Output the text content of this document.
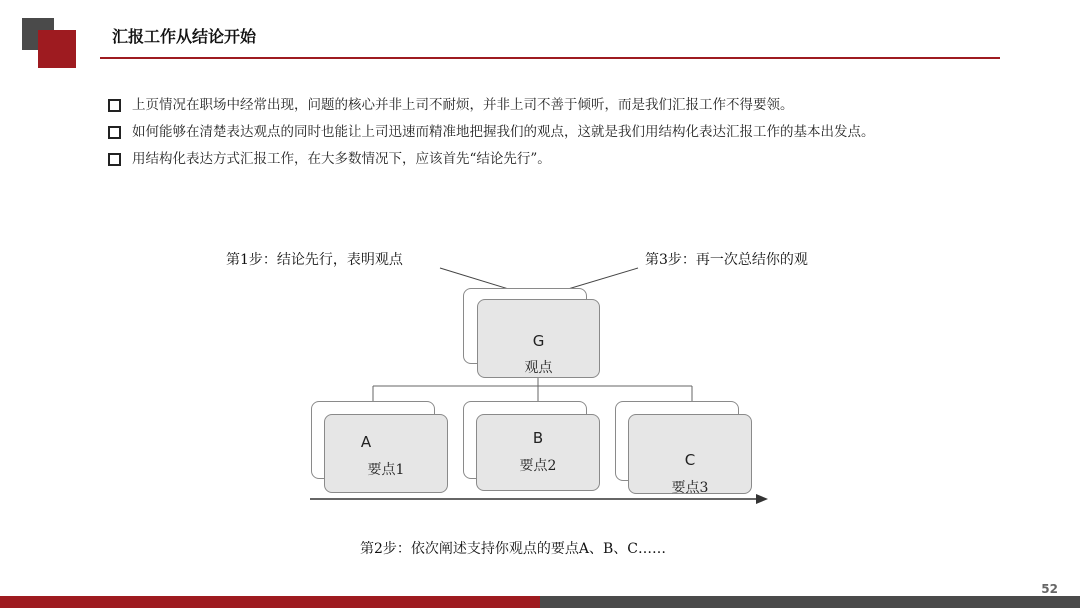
汇报工作从结论开始
上页情况在职场中经常出现，问题的核心并非上司不耐烦，并非上司不善于倾听，而是我们汇报工作不得要领。
如何能够在清楚表达观点的同时也能让上司迅速而精准地把握我们的观点，这就是我们用结构化表达汇报工作的基本出发点。
用结构化表达方式汇报工作，在大多数情况下，应该首先“结论先行”。
第1步：结论先行，表明观点	第3步：再一次总结你的观
第2步：依次阐述支持你观点的要点A、B、C……
G
观点
A
要点1
B
要点2	C
要点3
52
